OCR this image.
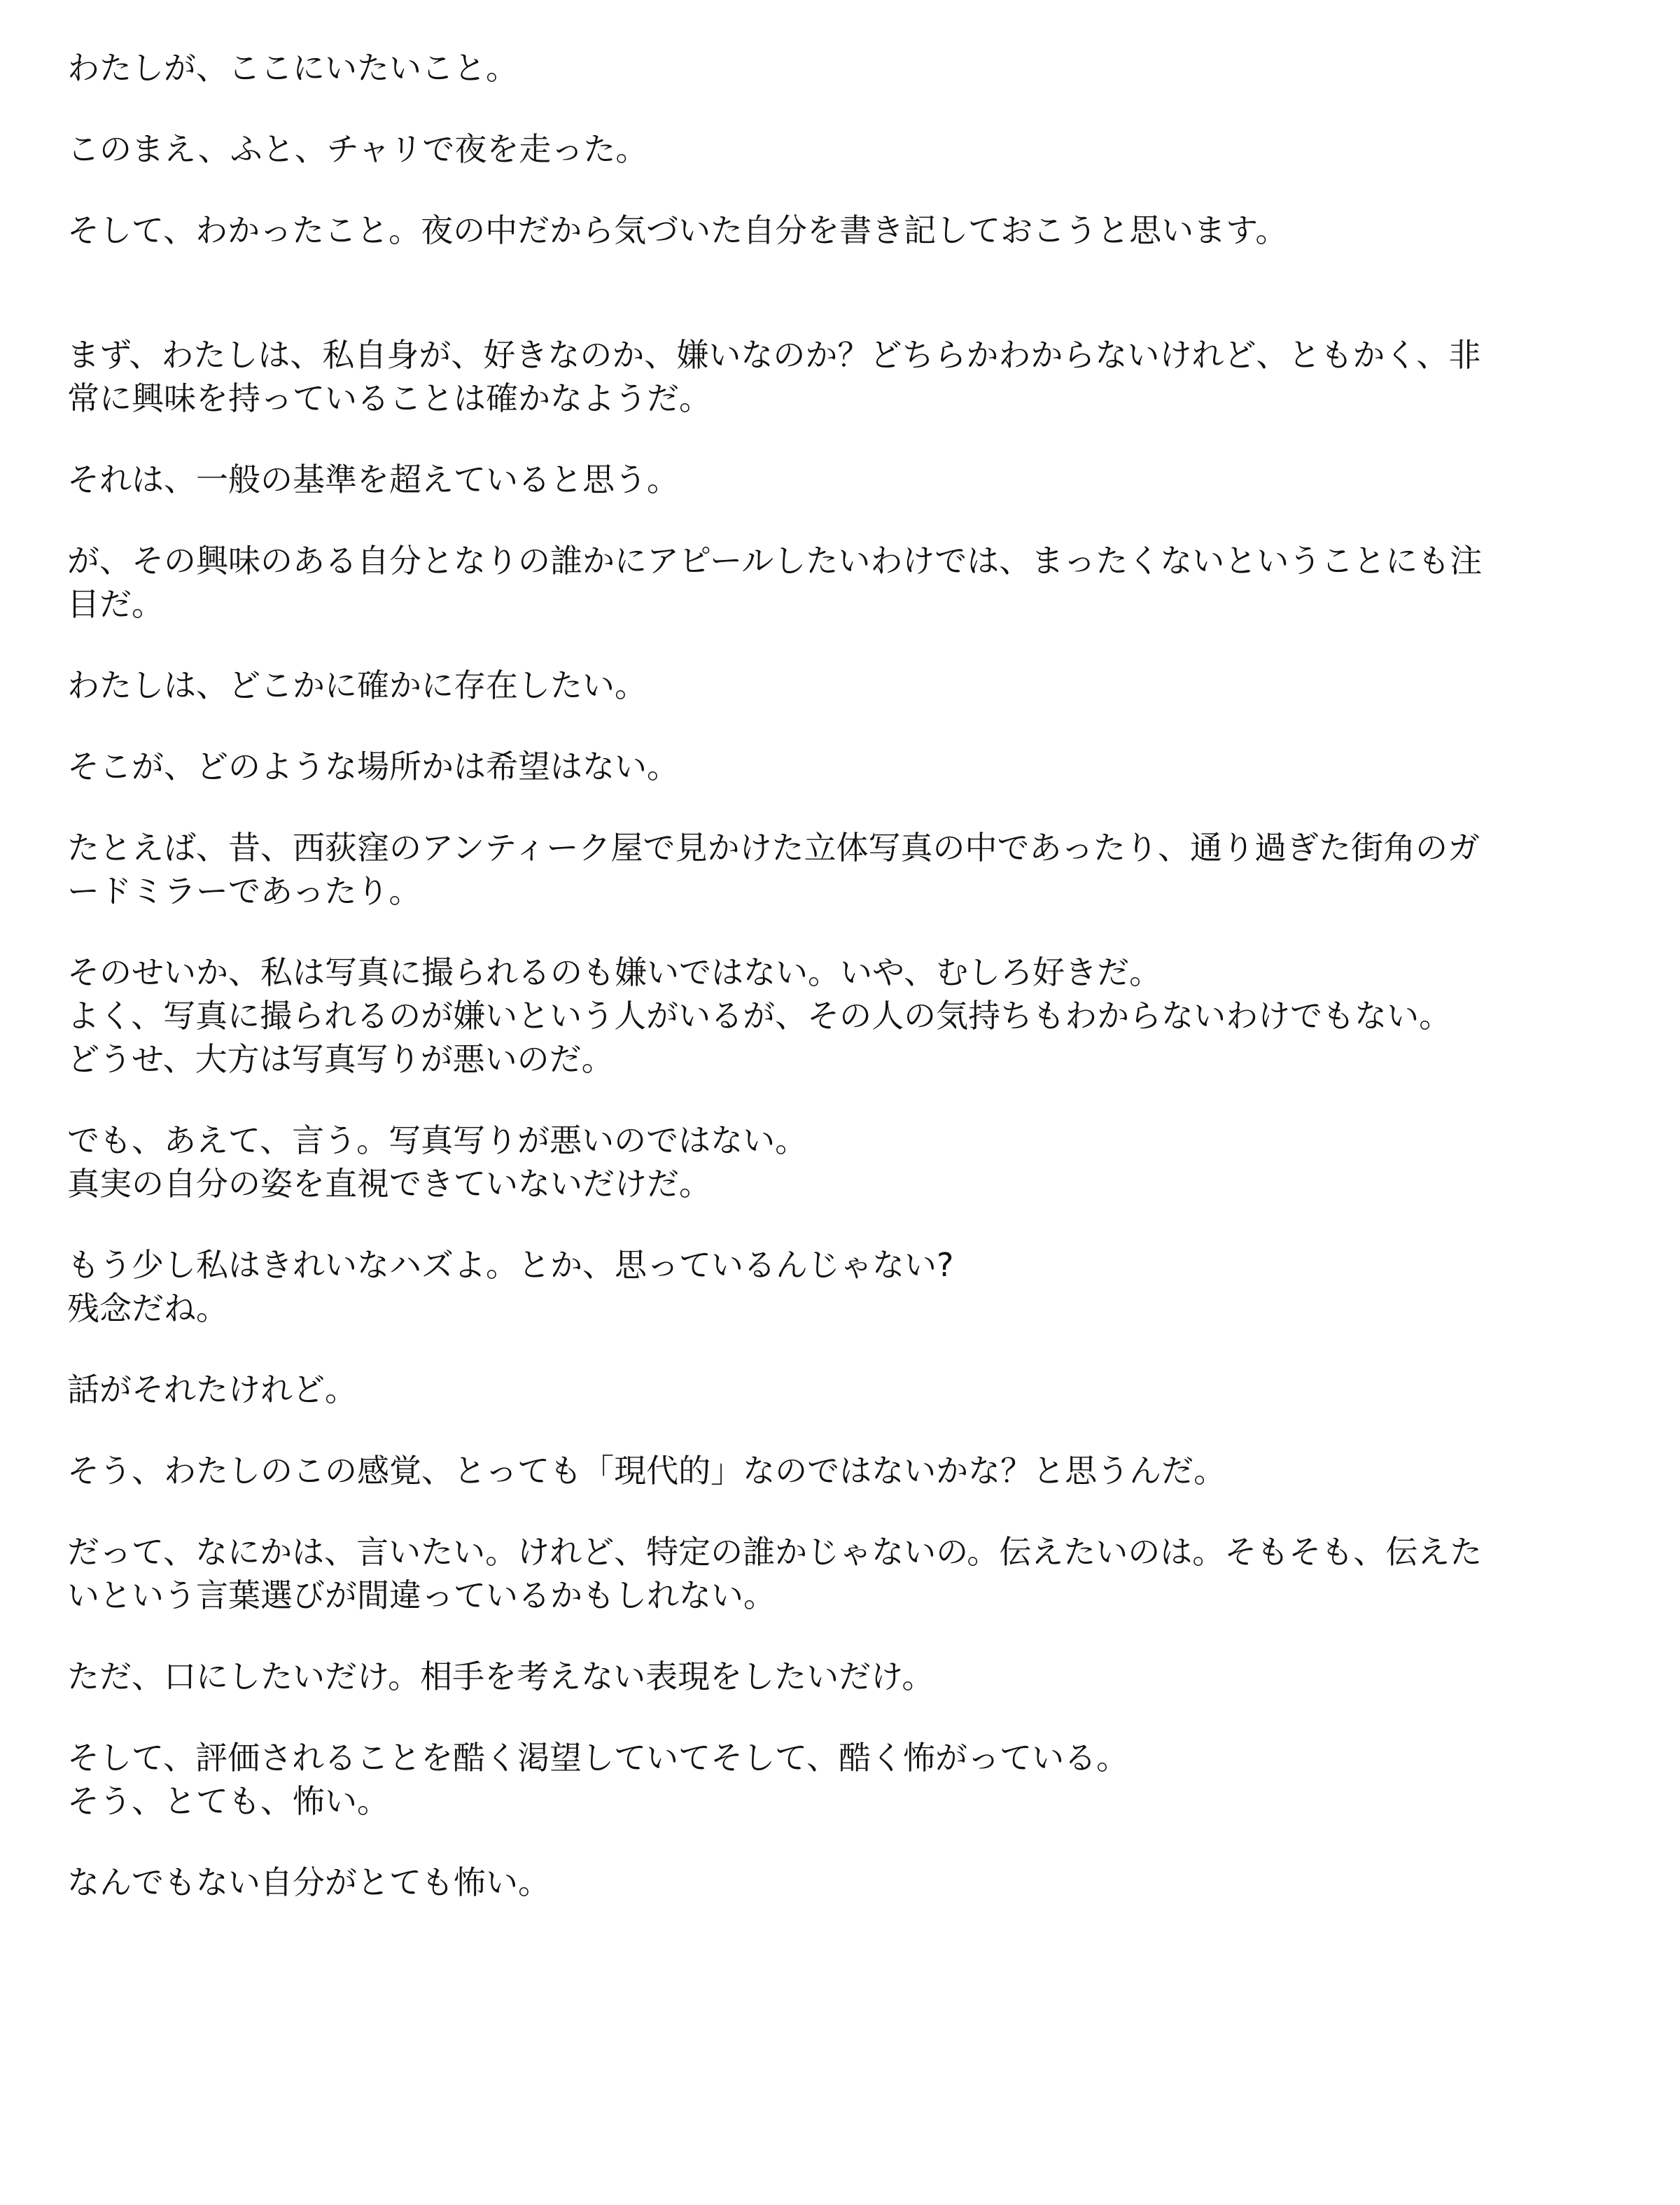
わたしが、ここにいたいこと。
このまえ、ふと、チャリで夜を走った。
そして、わかったこと。夜の中だから気づいた自分を書き記しておこうと思います。
まず、わたしは、私自身が、好きなのか、嫌いなのか？どちらかわからないけれど、ともかく、非
常に興味を持っていることは確かなようだ。
それは、一般の基準を超えていると思う。
が、その興味のある自分となりの誰かにアピールしたいわけでは、まったくないということにも注
目だ。
わたしは、どこかに確かに存在したい。
そこが、どのような場所かは希望はない。
たとえば、昔、西荻窪のアンティーク屋で見かけた立体写真の中であったり、通り過ぎた街角のガ
ードミラーであったり。
そのせいか、私は写真に撮られるのも嫌いではない。いや、むしろ好きだ。
よく、写真に撮られるのが嫌いという人がいるが、その人の気持ちもわからないわけでもない。
どうせ、大方は写真写りが悪いのだ。
でも、あえて、言う。写真写りが悪いのではない。
真実の自分の姿を直視できていないだけだ。
もう少し私はきれいなハズよ。とか、思っているんじゃない?
残念だね。
話がそれたけれど。
そう、わたしのこの感覚、とっても「現代的」なのではないかな？と思うんだ。
だって、なにかは、言いたい。けれど、特定の誰かじゃないの。伝えたいのは。そもそも、伝えた
いという言葉選びが間違っているかもしれない。
ただ、口にしたいだけ。相手を考えない表現をしたいだけ。
そして、評価されることを酷く渇望していてそして、酷く怖がっている。
そう、とても、怖い。
なんでもない自分がとても怖い。
